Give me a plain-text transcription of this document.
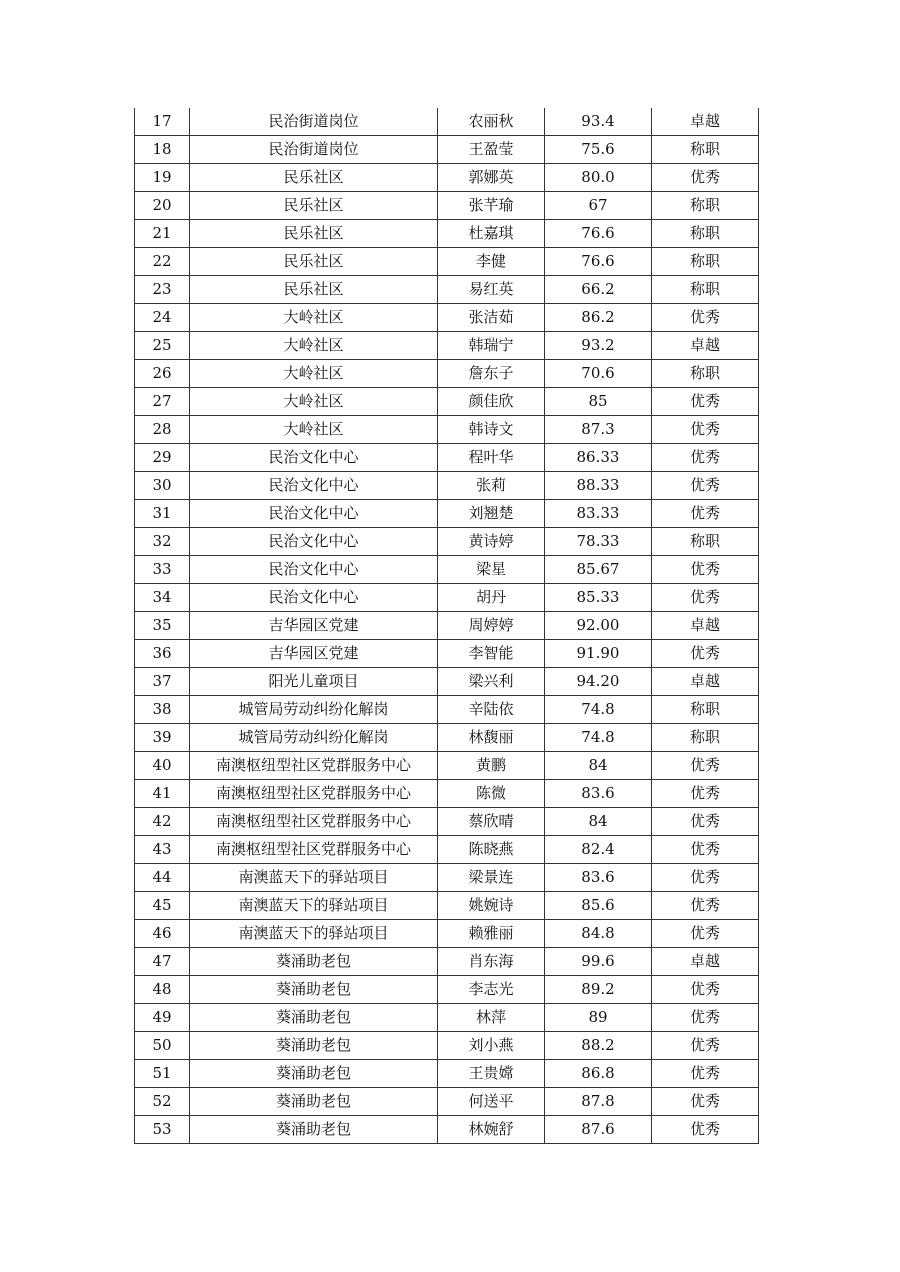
17	民治街道岗位	农丽秋	93.4	卓越
18	民治街道岗位	王盈莹	75.6	称职
19	民乐社区	郭娜英	80.0	优秀
20	民乐社区	张芊瑜	67	称职
21	民乐社区	杜嘉琪	76.6	称职
22	民乐社区	李健	76.6	称职
23	民乐社区	易红英	66.2	称职
24	大岭社区	张洁茹	86.2	优秀
25	大岭社区	韩瑞宁	93.2	卓越
26	大岭社区	詹东子	70.6	称职
27	大岭社区	颜佳欣	85	优秀
28	大岭社区	韩诗文	87.3	优秀
29	民治文化中心	程叶华	86.33	优秀
30	民治文化中心	张莉	88.33	优秀
31	民治文化中心	刘翘楚	83.33	优秀
32	民治文化中心	黄诗婷	78.33	称职
33	民治文化中心	梁星	85.67	优秀
34	民治文化中心	胡丹	85.33	优秀
35	吉华园区党建	周婷婷	92.00	卓越
36	吉华园区党建	李智能	91.90	优秀
37	阳光儿童项目	梁兴利	94.20	卓越
38	城管局劳动纠纷化解岗	辛陆依	74.8	称职
39	城管局劳动纠纷化解岗	林馥丽	74.8	称职
40	南澳枢纽型社区党群服务中心	黄鹏	84	优秀
41	南澳枢纽型社区党群服务中心	陈微	83.6	优秀
42	南澳枢纽型社区党群服务中心	蔡欣晴	84	优秀
43	南澳枢纽型社区党群服务中心	陈晓燕	82.4	优秀
44	南澳蓝天下的驿站项目	梁景连	83.6	优秀
45	南澳蓝天下的驿站项目	姚婉诗	85.6	优秀
46	南澳蓝天下的驿站项目	赖雅丽	84.8	优秀
47	葵涌助老包	肖东海	99.6	卓越
48	葵涌助老包	李志光	89.2	优秀
49	葵涌助老包	林萍	89	优秀
50	葵涌助老包	刘小燕	88.2	优秀
51	葵涌助老包	王贵嫦	86.8	优秀
52	葵涌助老包	何送平	87.8	优秀
53	葵涌助老包	林婉舒	87.6	优秀
